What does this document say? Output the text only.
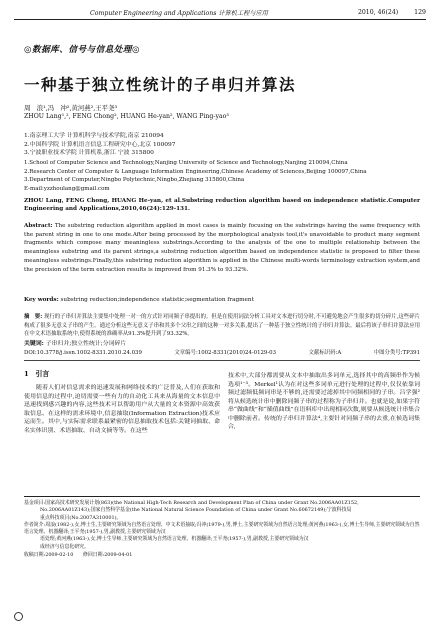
Computer Engineering and Applications 计算机工程与应用	2010, 46(24)	129
◎数据库、信号与信息处理◎
一种基于独立性统计的子串归并算法
周　浪¹,冯　冲²,黄河燕²,王平尧³
ZHOU Lang¹,², FENG Chong², HUANG He-yan², WANG Ping-yao³
1.南京理工大学 计算机科学与技术学院,南京 210094
2.中国科学院 计算机语言信息工程研究中心,北京 100097
3.宁波职业技术学院 计算机系,浙江 宁波 315800
1.School of Computer Science and Technology,Nanjing University of Science and Technology,Nanjing 210094,China
2.Research Center of Computer & Language Information Engineering,Chinese Academy of Sciences,Beijing 100097,China
3.Department of Computer,Ningbo Polytechnic,Ningbo,Zhejiang 315800,China
E-mail:yzzhoulang@gmail.com
ZHOU Lang, FENG Chong, HUANG He-yan, et al.Substring reduction algorithm based on independence statistic.Computer Engineering and Applications,2010,46(24):129-131.
Abstract: The substring reduction algorithm applied in most cases is mainly focusing on the substrings having the same frequency with the parent string in one to one mode.After being processed by the morphological analysis tool,it's unavoidable to product many segment fragments which compose many meaningless substrings.According to the analysis of the one to multiple relationship between the meaningless substring and its parent strings,a substring reduction algorithm based on independence statistic is proposed to filter these meaningless substrings.Finally,this substring reduction algorithm is applied in the Chinese multi-words terminology extraction system,and the precision of the term extraction results is improved from 91.3% to 93.32%.
Key words: substring reduction;independence statistic;segmentation fragment
摘　要: 现行的子串归并算法主要集中处理一对一的方式针对同频子串提出的。但是在使用词法分析工具对文本进行切分时,不可避免地会产生很多的切分碎片,这些碎片构成了很多无意义子串的产生。通过分析这些无意义子串和其多个父串之间的这种一对多关系,提出了一种基于独立性统计的子串归并算法。最后将该子串归并算法应用在中文术语抽取系统中,使得系统的准确率从91.3%提升到了93.32%。
关键词: 子串归并;独立性统计;分词碎片
DOI:10.3778/j.issn.1002-8331.2010.24.039	文章编号:1002-8331(2010)24-0129-03	文献标识码:A	中图分类号:TP391
1　引言
随着人们对信息需求的迅速发展和网络技术的广泛普及,人们在获取和使用信息的过程中,迫切需要一些有力的自动化工具来从海量的文本信息中迅速找到感兴趣的内容,这些技术可以帮助用户从大量的文本资源中高效获取信息。在这样的需求环境中,信息抽取(Information Extraction)技术应运而生。其中,与实际需求联系最紧密的信息抽取技术包括:关键词抽取、命名实体识别、术语抽取、自动文摘等等。在这些
技术中,大部分都需要从文本中抽取出多词单元,选择其中的高频串作为候选项¹⁻³。Merkel¹认为在对这些多词单元进行处理的过程中,仅仅依靠词频过滤频低频词串是不够的,还需要过滤掉其中同频相同的子串。吕学强²将从候选统计串中删除同频子串的过程称为子串归并。也就是说,如果字符串“做曲线”和“插值曲线”在语料库中出现相同次数,则要从候选统计串集合中删除前者。传统的子串归并算法⁴,主要针对同频子串的去重,在候选词集合,
基金项目:国家高技术研究发展计划(863)(the National High-Tech Research and Development Plan of China under Grant No.2006AA01Z152,
No.2006AA01Z143);国家自然科学基金(the National Natural Science Foundation of China under Grant No.60672149);宁波科技局
重点科技项目(No.2007A310001)。
作者简介:周浪(1982-),女,博士生,主要研究领域为自然语言处理、中文术语抽取;冯冲(1979-),男,博士,主要研究领域为自然语言处理;黄河燕(1963-),女,博士生导师,主要研究领域为自然语言处理、机器翻译;王平尧(1957-),男,副教授,主要研究领域为汉
语处理;黄河燕(1963-),女,博士生导师,主要研究领域为自然语言处理、机器翻译;王平尧(1957-),男,副教授,主要研究领域为汉
成经济与信息化研究。
收稿日期:2009-02-10 修回日期:2009-04-01
